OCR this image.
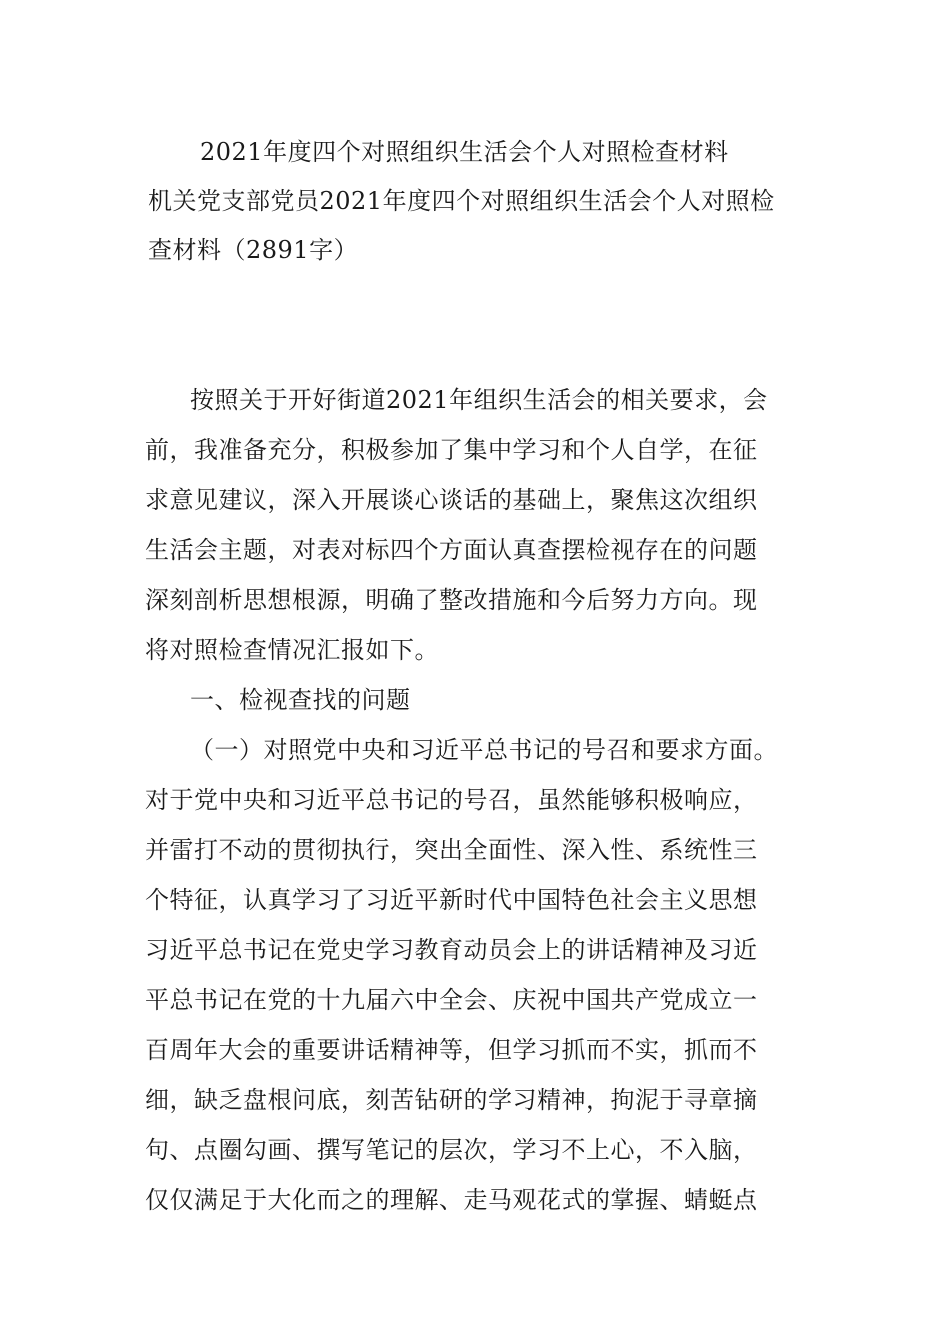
2021年度四个对照组织生活会个人对照检查材料
机关党支部党员2021年度四个对照组织生活会个人对照检
查材料（2891字）
按照关于开好街道2021年组织生活会的相关要求，会
前，我准备充分，积极参加了集中学习和个人自学，在征
求意见建议，深入开展谈心谈话的基础上，聚焦这次组织
生活会主题，对表对标四个方面认真查摆检视存在的问题
深刻剖析思想根源，明确了整改措施和今后努力方向。现
将对照检查情况汇报如下。
一、检视查找的问题
（一）对照党中央和习近平总书记的号召和要求方面。
对于党中央和习近平总书记的号召，虽然能够积极响应，
并雷打不动的贯彻执行，突出全面性、深入性、系统性三
个特征，认真学习了习近平新时代中国特色社会主义思想
习近平总书记在党史学习教育动员会上的讲话精神及习近
平总书记在党的十九届六中全会、庆祝中国共产党成立一
百周年大会的重要讲话精神等，但学习抓而不实，抓而不
细，缺乏盘根问底，刻苦钻研的学习精神，拘泥于寻章摘
句、点圈勾画、撰写笔记的层次，学习不上心，不入脑，
仅仅满足于大化而之的理解、走马观花式的掌握、蜻蜓点
